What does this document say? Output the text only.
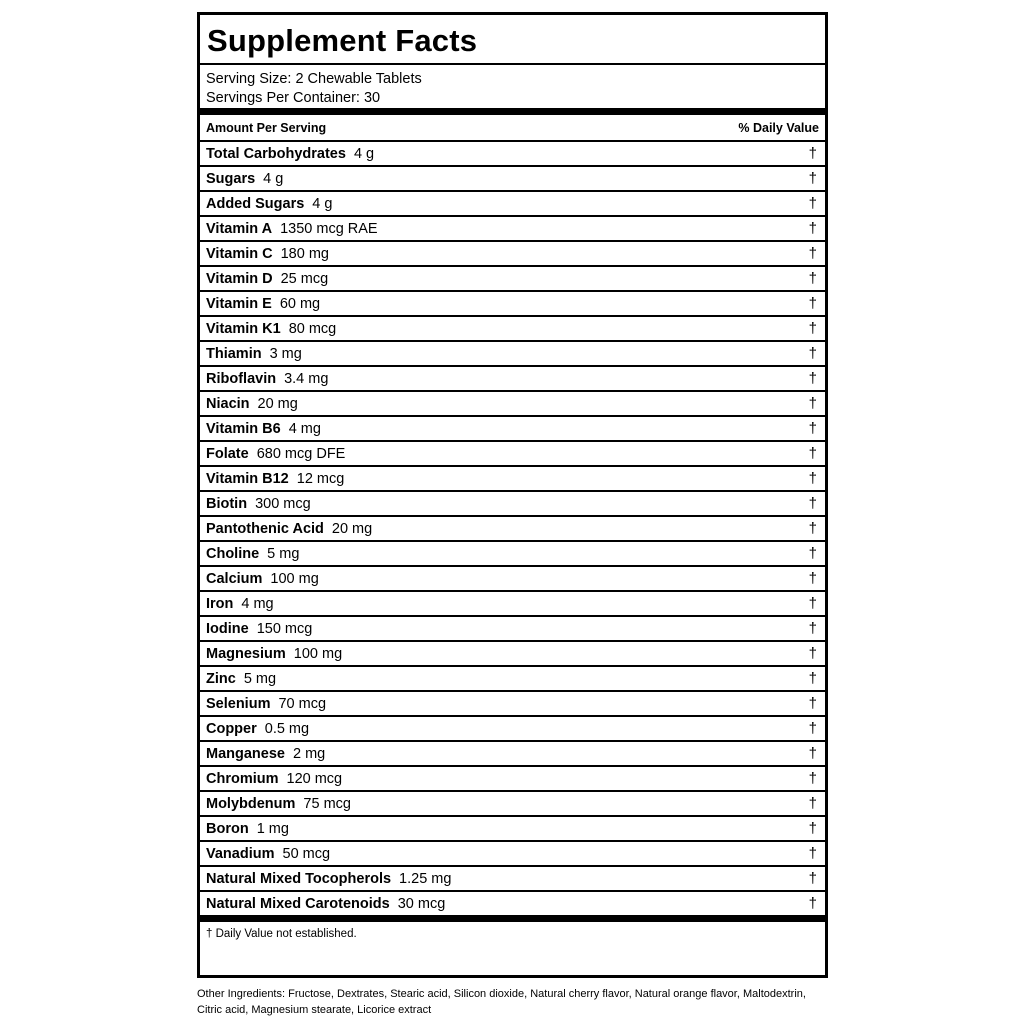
Supplement Facts
Serving Size: 2 Chewable Tablets
Servings Per Container: 30
Amount Per Serving	% Daily Value
Total Carbohydrates 4 g	†
Sugars 4 g	†
Added Sugars 4 g	†
Vitamin A 1350 mcg RAE	†
Vitamin C 180 mg	†
Vitamin D 25 mcg	†
Vitamin E 60 mg	†
Vitamin K1 80 mcg	†
Thiamin 3 mg	†
Riboflavin 3.4 mg	†
Niacin 20 mg	†
Vitamin B6 4 mg	†
Folate 680 mcg DFE	†
Vitamin B12 12 mcg	†
Biotin 300 mcg	†
Pantothenic Acid 20 mg	†
Choline 5 mg	†
Calcium 100 mg	†
Iron 4 mg	†
Iodine 150 mcg	†
Magnesium 100 mg	†
Zinc 5 mg	†
Selenium 70 mcg	†
Copper 0.5 mg	†
Manganese 2 mg	†
Chromium 120 mcg	†
Molybdenum 75 mcg	†
Boron 1 mg	†
Vanadium 50 mcg	†
Natural Mixed Tocopherols 1.25 mg	†
Natural Mixed Carotenoids 30 mcg	†
† Daily Value not established.
Other Ingredients: Fructose, Dextrates, Stearic acid, Silicon dioxide, Natural cherry flavor, Natural orange flavor, Maltodextrin, Citric acid, Magnesium stearate, Licorice extract
